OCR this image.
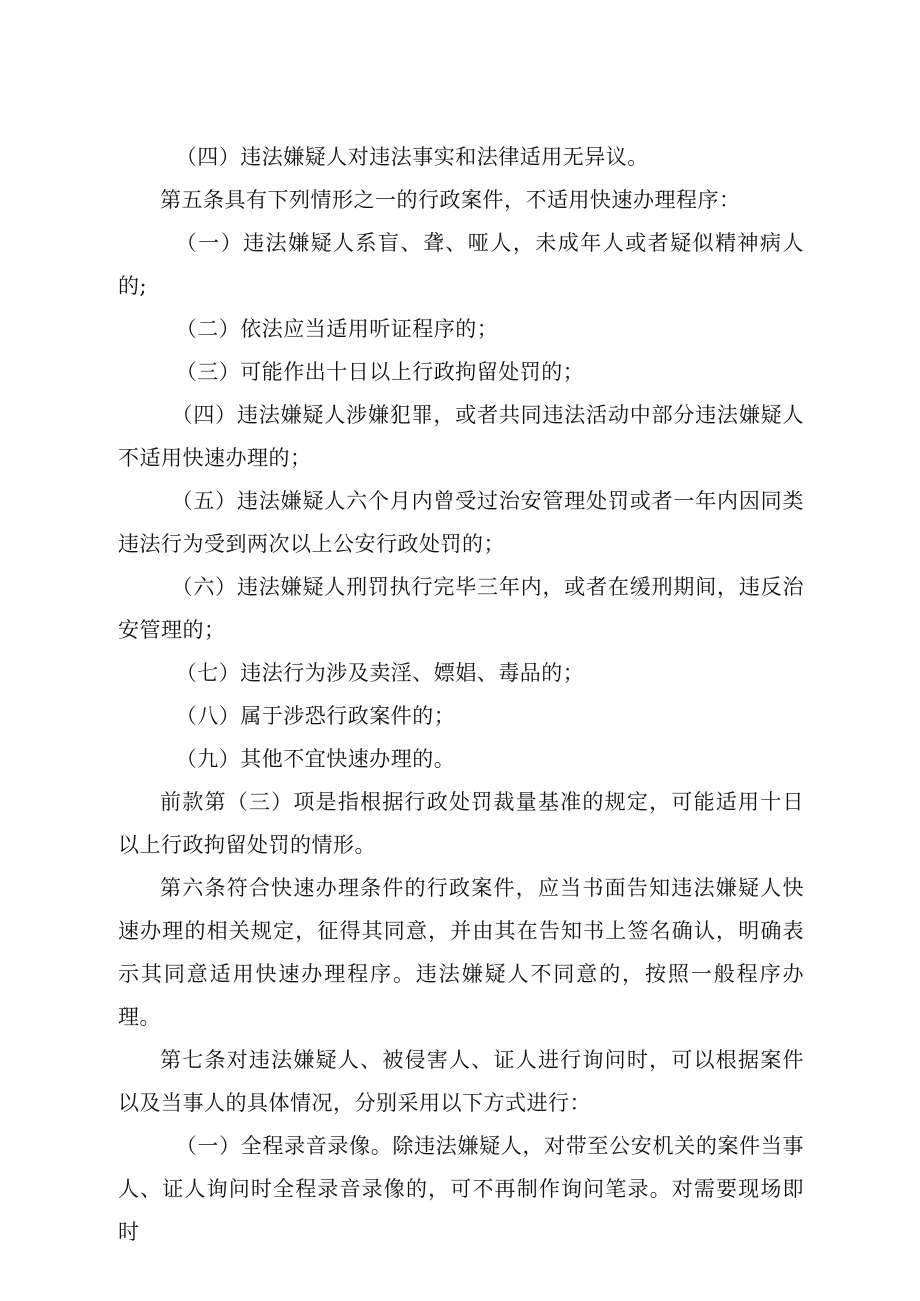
（四）违法嫌疑人对违法事实和法律适用无异议。

第五条具有下列情形之一的行政案件，不适用快速办理程序：

（一）违法嫌疑人系盲、聋、哑人，未成年人或者疑似精神病人的;

（二）依法应当适用听证程序的；

（三）可能作出十日以上行政拘留处罚的；

（四）违法嫌疑人涉嫌犯罪，或者共同违法活动中部分违法嫌疑人不适用快速办理的；

（五）违法嫌疑人六个月内曾受过治安管理处罚或者一年内因同类违法行为受到两次以上公安行政处罚的；

（六）违法嫌疑人刑罚执行完毕三年内，或者在缓刑期间，违反治安管理的；

（七）违法行为涉及卖淫、嫖娼、毒品的；

（八）属于涉恐行政案件的；

（九）其他不宜快速办理的。

前款第（三）项是指根据行政处罚裁量基准的规定，可能适用十日以上行政拘留处罚的情形。

第六条符合快速办理条件的行政案件，应当书面告知违法嫌疑人快速办理的相关规定，征得其同意，并由其在告知书上签名确认，明确表示其同意适用快速办理程序。违法嫌疑人不同意的，按照一般程序办理。

第七条对违法嫌疑人、被侵害人、证人进行询问时，可以根据案件以及当事人的具体情况，分别采用以下方式进行：

（一）全程录音录像。除违法嫌疑人，对带至公安机关的案件当事人、证人询问时全程录音录像的，可不再制作询问笔录。对需要现场即时
